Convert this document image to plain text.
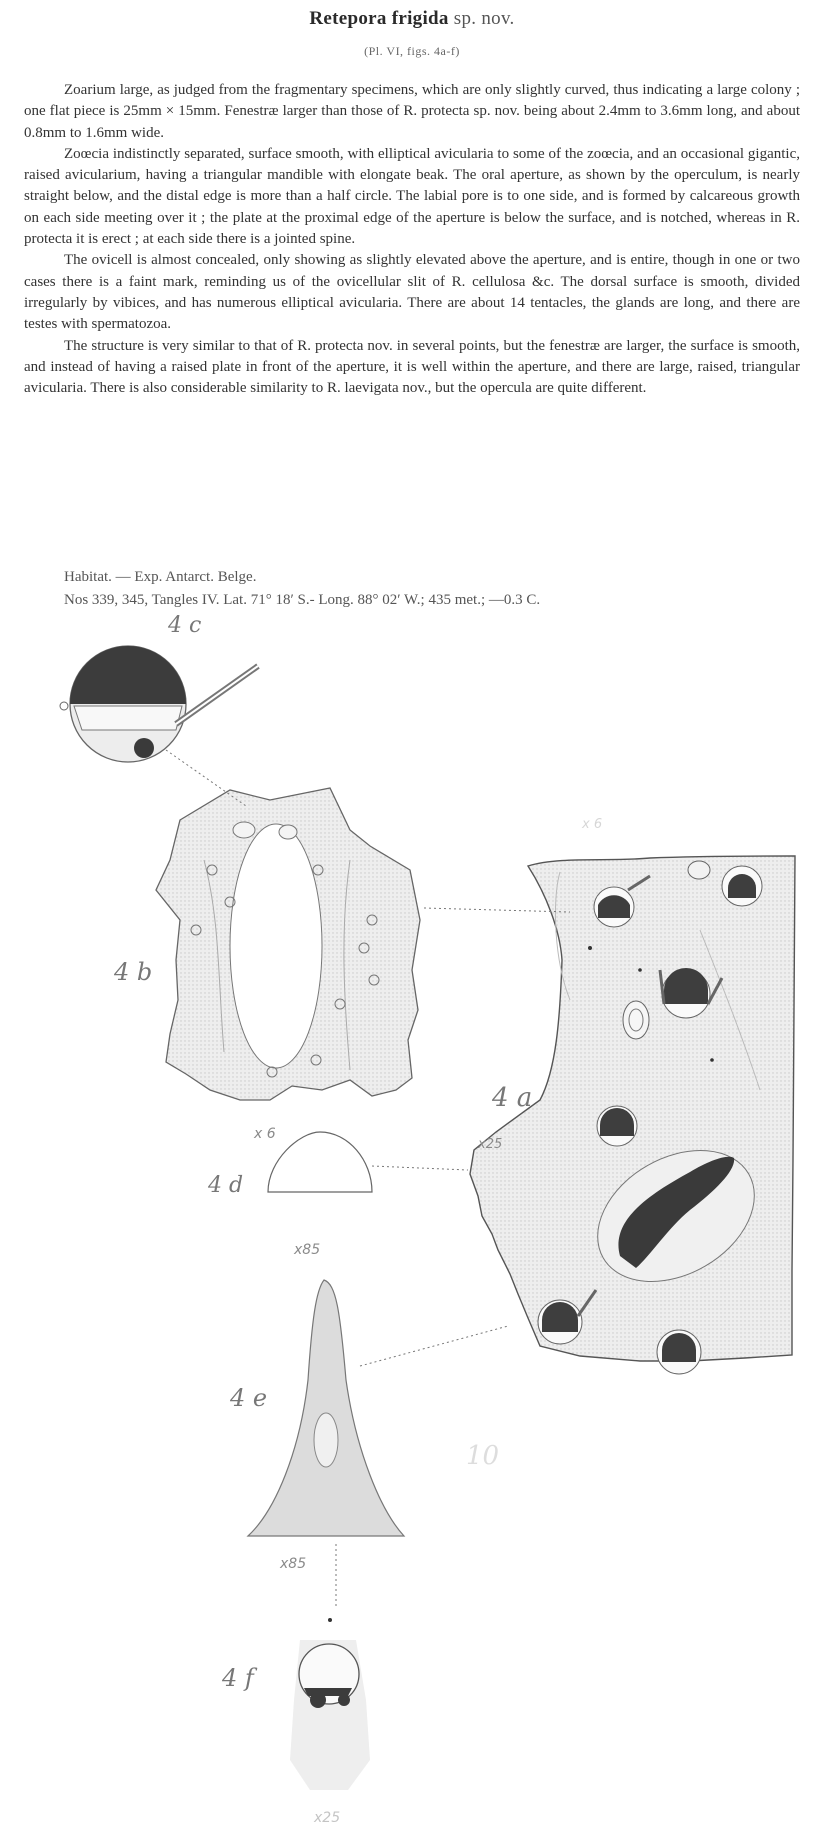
Retepora frigida sp. nov.
(Pl. VI, figs. 4a-f)

Zoarium large, as judged from the fragmentary specimens, which are only slightly curved, thus indicating a large colony ; one flat piece is 25mm × 15mm. Fenestræ larger than those of R. protecta sp. nov. being about 2.4mm to 3.6mm long, and about 0.8mm to 1.6mm wide.

Zoœcia indistinctly separated, surface smooth, with elliptical avicularia to some of the zoœcia, and an occasional gigantic, raised avicularium, having a triangular mandible with elongate beak. The oral aperture, as shown by the operculum, is nearly straight below, and the distal edge is more than a half circle. The labial pore is to one side, and is formed by calcareous growth on each side meeting over it ; the plate at the proximal edge of the aperture is below the surface, and is notched, whereas in R. protecta it is erect ; at each side there is a jointed spine.

The ovicell is almost concealed, only showing as slightly elevated above the aperture, and is entire, though in one or two cases there is a faint mark, reminding us of the ovicellular slit of R. cellulosa &c. The dorsal surface is smooth, divided irregularly by vibices, and has numerous elliptical avicularia. There are about 14 tentacles, the glands are long, and there are testes with spermatozoa.

The structure is very similar to that of R. protecta nov. in several points, but the fenestræ are larger, the surface is smooth, and instead of having a raised plate in front of the aperture, it is well within the aperture, and there are large, raised, triangular avicularia. There is also considerable similarity to R. laevigata nov., but the opercula are quite different.

Habitat. — Exp. Antarct. Belge.
Nos 339, 345, Tangles IV. Lat. 71° 18′ S.- Long. 88° 02′ W.; 435 met.; —0.3 C.
4 c
4 b
x 6
4 a
x25
x 6
4 d
x85
4 e
x85
4 f
x25
10
